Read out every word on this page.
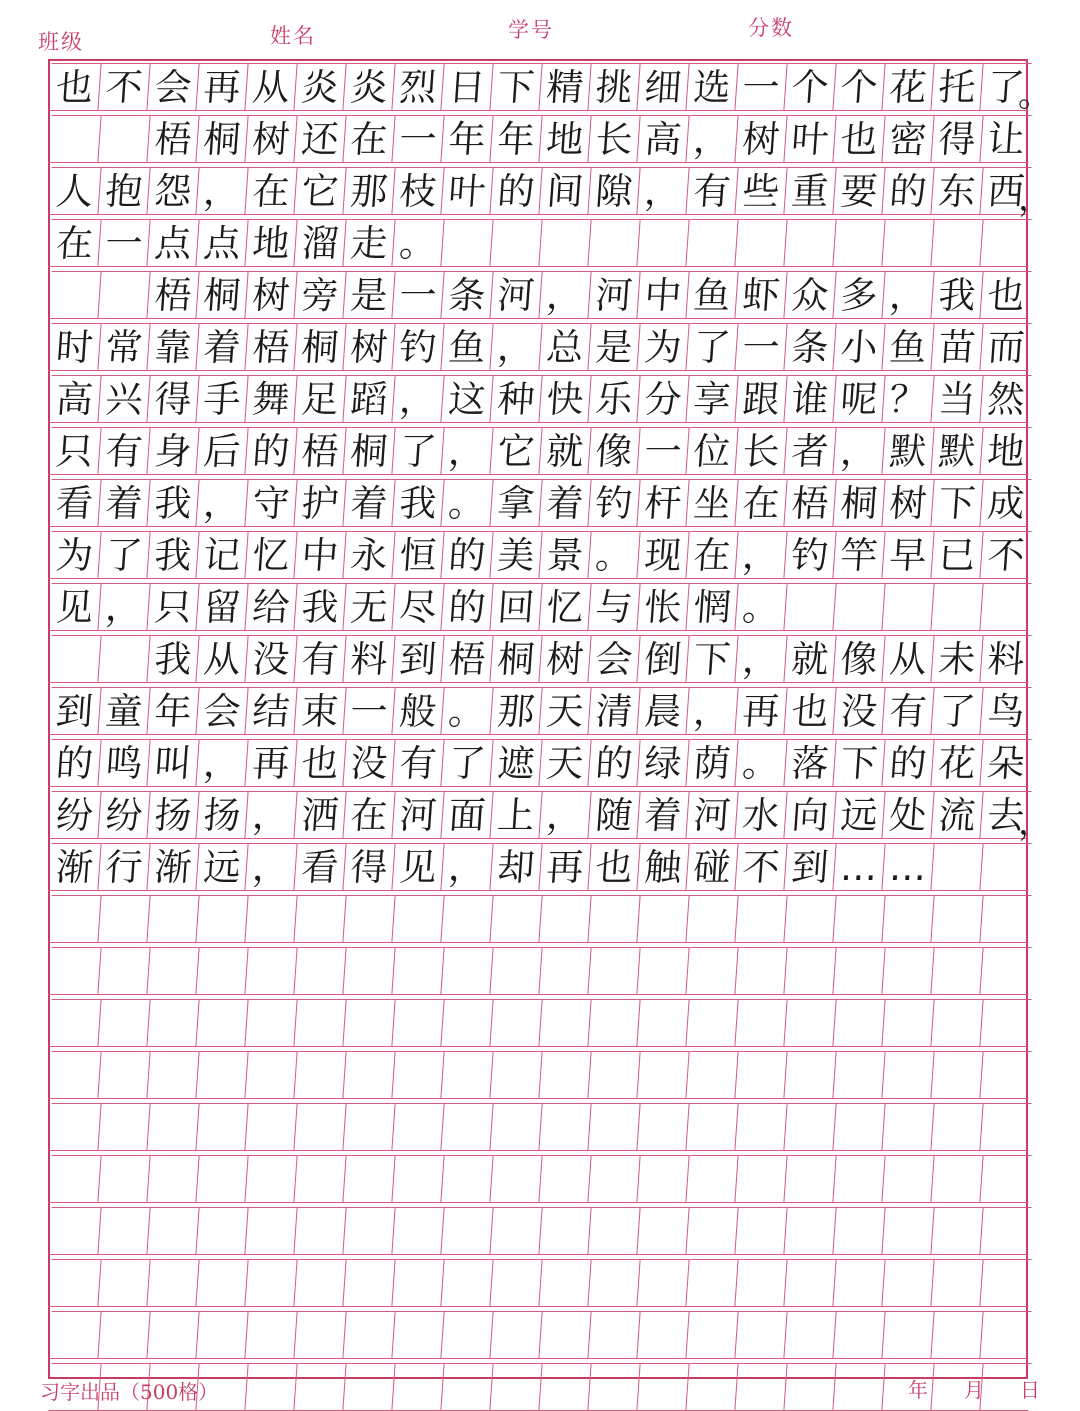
班级	姓名	学号	分数
也 不 会 再 从 炎 炎 烈 日 下 精 挑 细 选 一 个 个 花 托 了
。
梧 桐 树 还 在 一 年 年 地 长 高 ， 树 叶 也 密 得 让
人 抱 怨 ， 在 它 那 枝 叶 的 间 隙 ， 有 些 重 要 的 东 西
，
在 一 点 点 地 溜 走 。
梧 桐 树 旁 是 一 条 河 ， 河 中 鱼 虾 众 多 ， 我 也
时 常 靠 着 梧 桐 树 钓 鱼 ， 总 是 为 了 一 条 小 鱼 苗 而
高 兴 得 手 舞 足 蹈 ， 这 种 快 乐 分 享 跟 谁 呢 ？ 当 然
只 有 身 后 的 梧 桐 了 ， 它 就 像 一 位 长 者 ， 默 默 地
看 着 我 ， 守 护 着 我 。 拿 着 钓 杆 坐 在 梧 桐 树 下 成
为 了 我 记 忆 中 永 恒 的 美 景 。 现 在 ， 钓 竿 早 已 不
见 ， 只 留 给 我 无 尽 的 回 忆 与 怅 惘 。
我 从 没 有 料 到 梧 桐 树 会 倒 下 ， 就 像 从 未 料
到 童 年 会 结 束 一 般 。 那 天 清 晨 ， 再 也 没 有 了 鸟
的 鸣 叫 ， 再 也 没 有 了 遮 天 的 绿 荫 。 落 下 的 花 朵
纷 纷 扬 扬 ， 洒 在 河 面 上 ， 随 着 河 水 向 远 处 流 去
，
渐 行 渐 远 ， 看 得 见 ， 却 再 也 触 碰 不 到 … …
习字出品（500格）	年 月 日
